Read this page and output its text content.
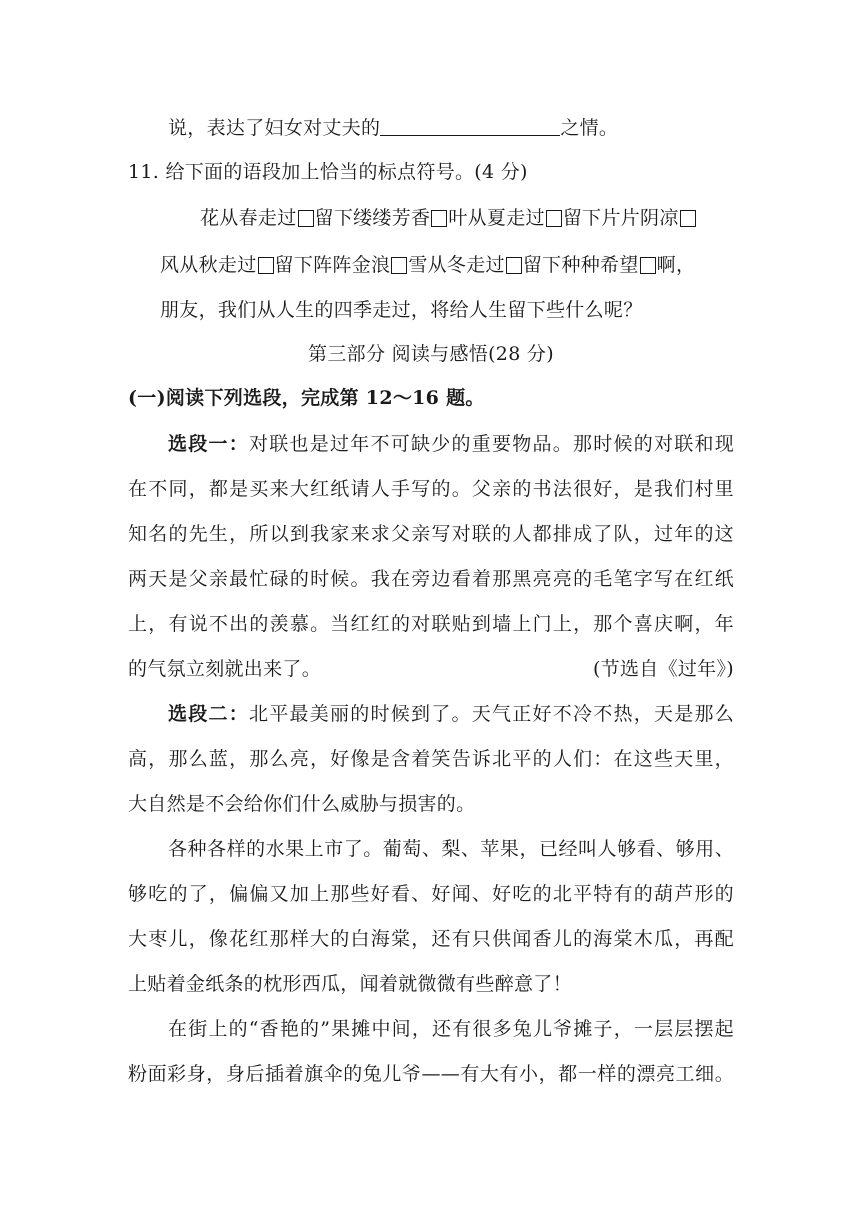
说，表达了妇女对丈夫的	之情。
11. 给下面的语段加上恰当的标点符号。(4 分)
花从春走过 留下缕缕芳香 叶从夏走过 留下片片阴凉
风从秋走过 留下阵阵金浪 雪从冬走过 留下种种希望 啊，
朋友，我们从人生的四季走过，将给人生留下些什么呢？
第三部分 阅读与感悟(28 分)
(一)阅读下列选段，完成第 12～16 题。
选段一：对联也是过年不可缺少的重要物品。那时候的对联和现
在不同，都是买来大红纸请人手写的。父亲的书法很好，是我们村里
知名的先生，所以到我家来求父亲写对联的人都排成了队，过年的这
两天是父亲最忙碌的时候。我在旁边看着那黑亮亮的毛笔字写在红纸
上，有说不出的羡慕。当红红的对联贴到墙上门上，那个喜庆啊，年
的气氛立刻就出来了。	(节选自《过年》)
选段二：北平最美丽的时候到了。天气正好不冷不热，天是那么
高，那么蓝，那么亮，好像是含着笑告诉北平的人们：在这些天里，
大自然是不会给你们什么威胁与损害的。
各种各样的水果上市了。葡萄、梨、苹果，已经叫人够看、够用、
够吃的了，偏偏又加上那些好看、好闻、好吃的北平特有的葫芦形的
大枣儿，像花红那样大的白海棠，还有只供闻香儿的海棠木瓜，再配
上贴着金纸条的枕形西瓜，闻着就微微有些醉意了！
在街上的“香艳的”果摊中间，还有很多兔儿爷摊子，一层层摆起
粉面彩身，身后插着旗伞的兔儿爷——有大有小，都一样的漂亮工细。
